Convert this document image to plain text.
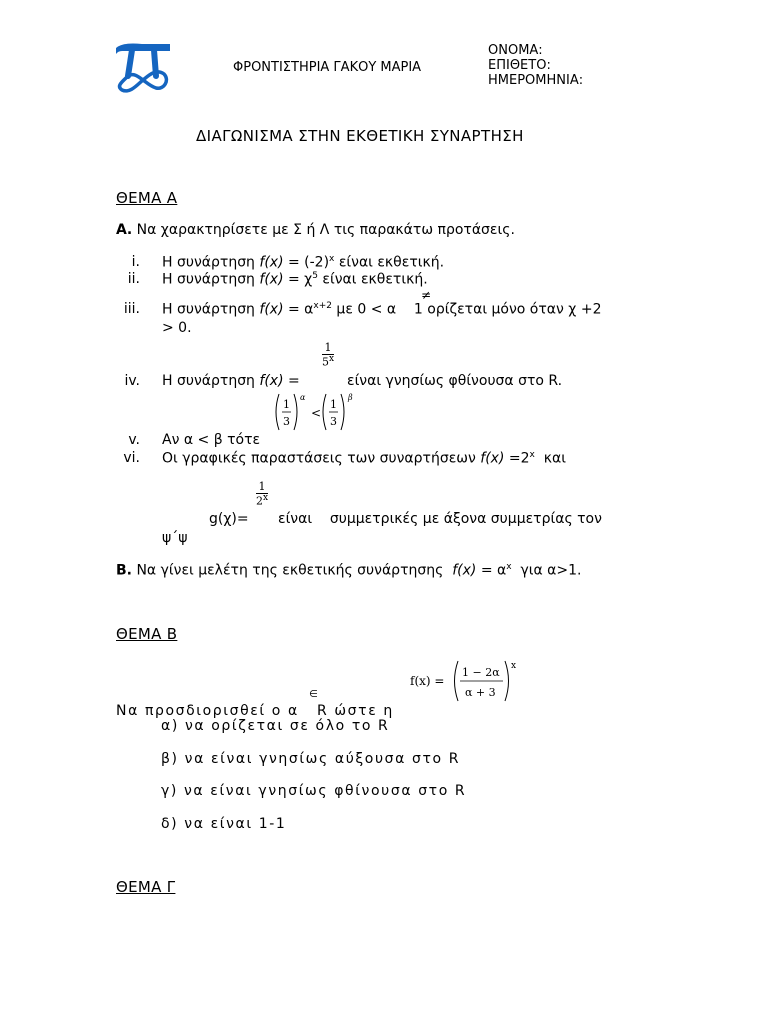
ΦΡΟΝΤΙΣΤΗΡΙΑ ΓΑΚΟΥ ΜΑΡΙΑ
ΟΝΟΜΑ:
ΕΠΙΘΕΤΟ:
ΗΜΕΡΟΜΗΝΙΑ:
ΔΙΑΓΩΝΙΣΜΑ ΣΤΗΝ ΕΚΘΕΤΙΚΗ ΣΥΝΑΡΤΗΣΗ
ΘΕΜΑ Α
Α. Να χαρακτηρίσετε με Σ ή Λ τις παρακάτω προτάσεις.
i. Η συνάρτηση $f(x) = (-2)^x$ είναι εκθετική.
ii. Η συνάρτηση $f(x) = \chi^5$ είναι εκθετική.
≠
iii. Η συνάρτηση $f(x) = \alpha^{x+2}$ με 0 < α    1 ορίζεται μόνο όταν χ +2
> 0.
$\frac{1}{5^x}$
iv. Η συνάρτηση f(x) =	είναι γνησίως φθίνουσα στο R.
1
3
α
<
1
3
β
v. Αν α < β τότε
vi. Οι γραφικές παραστάσεις των συναρτήσεων $f(x) =2^x$  και
$\frac{1}{2^x}$
g(χ)= είναι    συμμετρικές με άξονα συμμετρίας τον
ψ΄ψ
Β. Να γίνει μελέτη της εκθετικής συνάρτησης  $f(x) = \alpha^x$  για α>1.
ΘΕΜΑ Β
f(x) =
1 − 2α
α + 3
x
∈
Να προσδιορισθεί ο α   R ώστε η
α) να ορίζεται σε όλο το R
β) να είναι γνησίως αύξουσα στο R
γ) να είναι γνησίως φθίνουσα στο R
δ) να είναι 1-1
ΘΕΜΑ Γ
